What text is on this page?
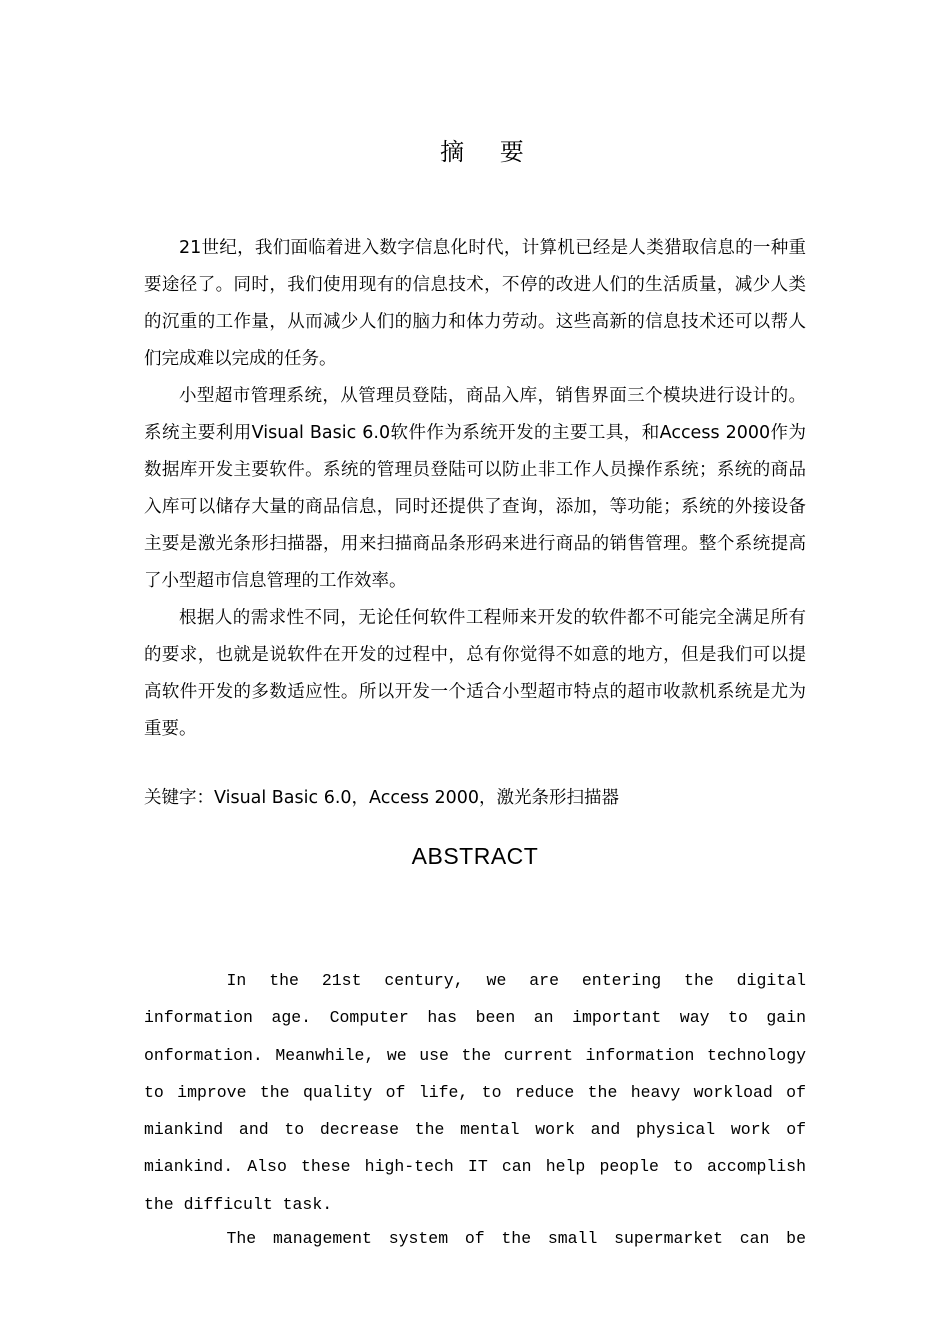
摘 要

21世纪，我们面临着进入数字信息化时代，计算机已经是人类猎取信息的一种重要途径了。同时，我们使用现有的信息技术，不停的改进人们的生活质量，减少人类的沉重的工作量，从而减少人们的脑力和体力劳动。这些高新的信息技术还可以帮人们完成难以完成的任务。

小型超市管理系统，从管理员登陆，商品入库，销售界面三个模块进行设计的。系统主要利用Visual Basic 6.0软件作为系统开发的主要工具，和Access 2000作为数据库开发主要软件。系统的管理员登陆可以防止非工作人员操作系统；系统的商品入库可以储存大量的商品信息，同时还提供了查询，添加，等功能；系统的外接设备主要是激光条形扫描器，用来扫描商品条形码来进行商品的销售管理。整个系统提高了小型超市信息管理的工作效率。

根据人的需求性不同，无论任何软件工程师来开发的软件都不可能完全满足所有的要求，也就是说软件在开发的过程中，总有你觉得不如意的地方，但是我们可以提高软件开发的多数适应性。所以开发一个适合小型超市特点的超市收款机系统是尤为重要。

关键字：Visual Basic 6.0，Access 2000，激光条形扫描器
ABSTRACT

In the 21st century, we are entering the digital information age. Computer has been an important way to gain onformation. Meanwhile, we use the current information technology to improve the quality of life, to reduce the heavy workload of miankind and to decrease the mental work and physical work of miankind. Also these high-tech IT can help people to accomplish the difficult task.

The management system of the small supermarket can be
